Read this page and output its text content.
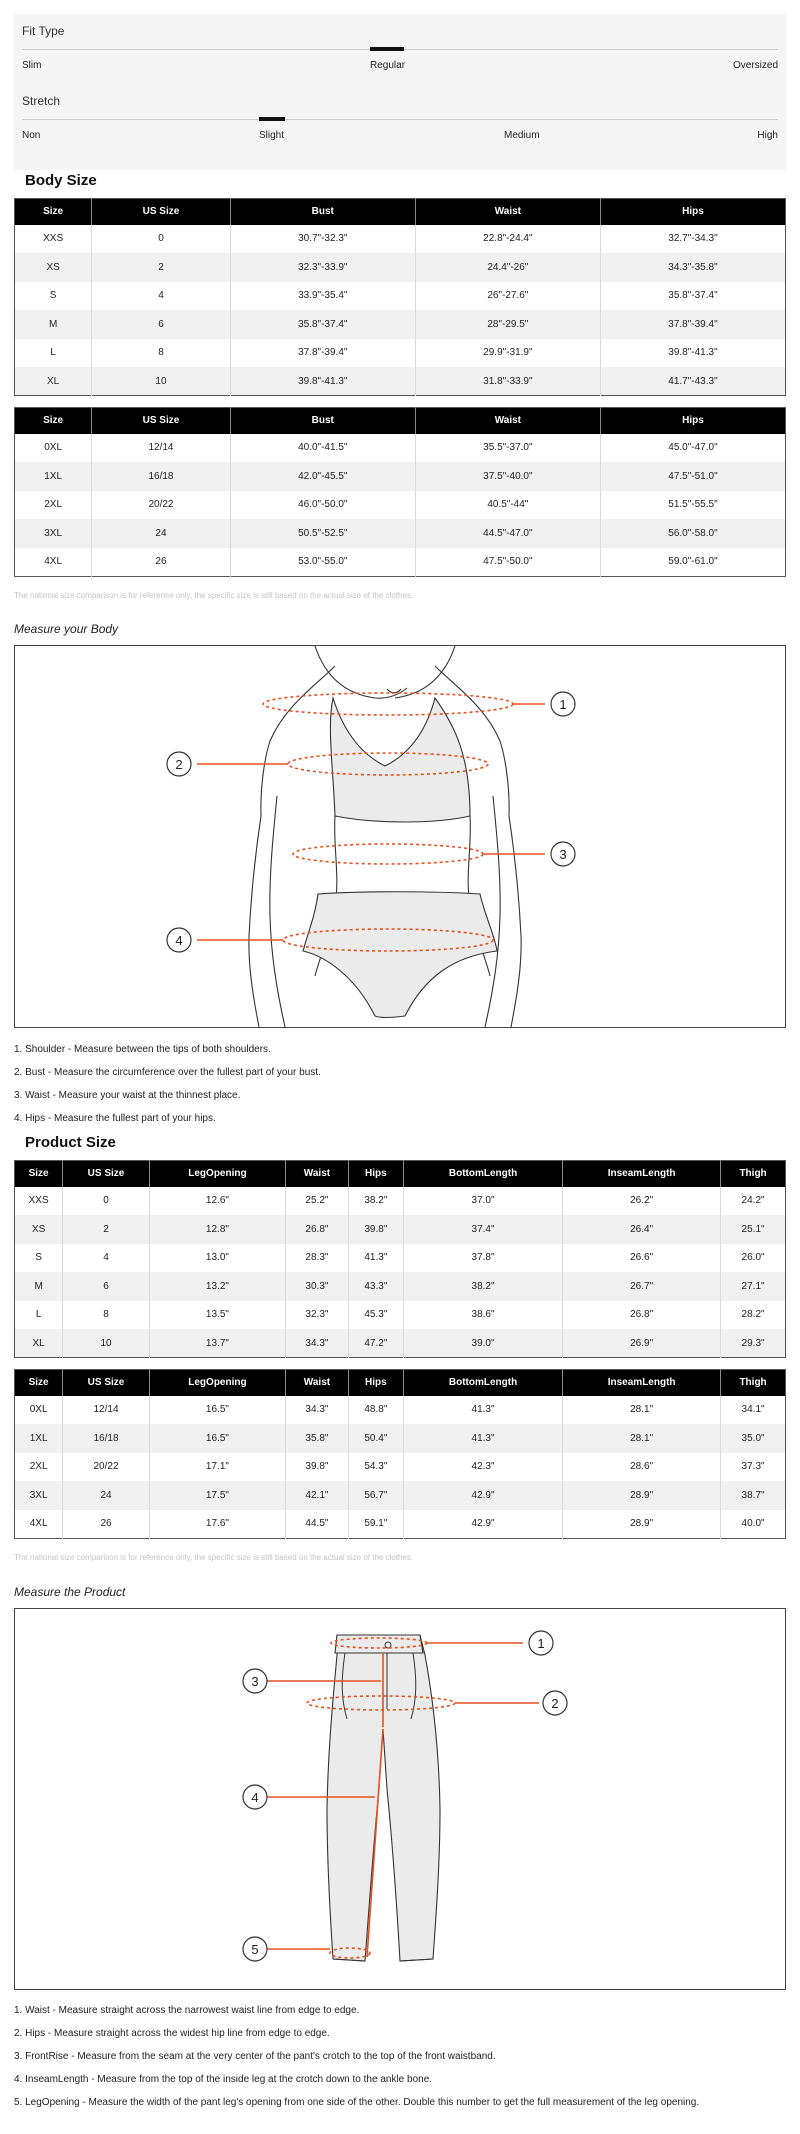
Fit Type
Slim	Regular	Oversized
Stretch
Non	Slight	Medium	High
Body Size
Size	US Size	Bust	Waist	Hips
XXS	0	30.7"-32.3"	22.8"-24.4"	32.7"-34.3"
XS	2	32.3"-33.9"	24.4"-26"	34.3"-35.8"
S	4	33.9"-35.4"	26"-27.6"	35.8"-37.4"
M	6	35.8"-37.4"	28"-29.5"	37.8"-39.4"
L	8	37.8"-39.4"	29.9"-31.9"	39.8"-41.3"
XL	10	39.8"-41.3"	31.8"-33.9"	41.7"-43.3"
Size	US Size	Bust	Waist	Hips
0XL	12/14	40.0"-41.5"	35.5"-37.0"	45.0"-47.0"
1XL	16/18	42.0"-45.5"	37.5"-40.0"	47.5"-51.0"
2XL	20/22	46.0"-50.0"	40.5"-44"	51.5"-55.5"
3XL	24	50.5"-52.5"	44.5"-47.0"	56.0"-58.0"
4XL	26	53.0"-55.0"	47.5"-50.0"	59.0"-61.0"
The national size comparison is for reference only, the specific size is still based on the actual size of the clothes.
Measure your Body
1
2
3
4
1. Shoulder - Measure between the tips of both shoulders.
2. Bust - Measure the circumference over the fullest part of your bust.
3. Waist - Measure your waist at the thinnest place.
4. Hips - Measure the fullest part of your hips.
Product Size
Size	US Size	LegOpening	Waist	Hips	BottomLength	InseamLength	Thigh
XXS	0	12.6"	25.2"	38.2"	37.0"	26.2"	24.2"
XS	2	12.8"	26.8"	39.8"	37.4"	26.4"	25.1"
S	4	13.0"	28.3"	41.3"	37.8"	26.6"	26.0"
M	6	13.2"	30.3"	43.3"	38.2"	26.7"	27.1"
L	8	13.5"	32.3"	45.3"	38.6"	26.8"	28.2"
XL	10	13.7"	34.3"	47.2"	39.0"	26.9"	29.3"
Size	US Size	LegOpening	Waist	Hips	BottomLength	InseamLength	Thigh
0XL	12/14	16.5"	34.3"	48.8"	41.3"	28.1"	34.1"
1XL	16/18	16.5"	35.8"	50.4"	41.3"	28.1"	35.0"
2XL	20/22	17.1"	39.8"	54.3"	42.3"	28.6"	37.3"
3XL	24	17.5"	42.1"	56.7"	42.9"	28.9"	38.7"
4XL	26	17.6"	44.5"	59.1"	42.9"	28.9"	40.0"
The national size comparison is for reference only, the specific size is still based on the actual size of the clothes.
Measure the Product
1
2
3
4
5
1. Waist - Measure straight across the narrowest waist line from edge to edge.
2. Hips - Measure straight across the widest hip line from edge to edge.
3. FrontRise - Measure from the seam at the very center of the pant's crotch to the top of the front waistband.
4. InseamLength - Measure from the top of the inside leg at the crotch down to the ankle bone.
5. LegOpening - Measure the width of the pant leg's opening from one side of the other. Double this number to get the full measurement of the leg opening.
